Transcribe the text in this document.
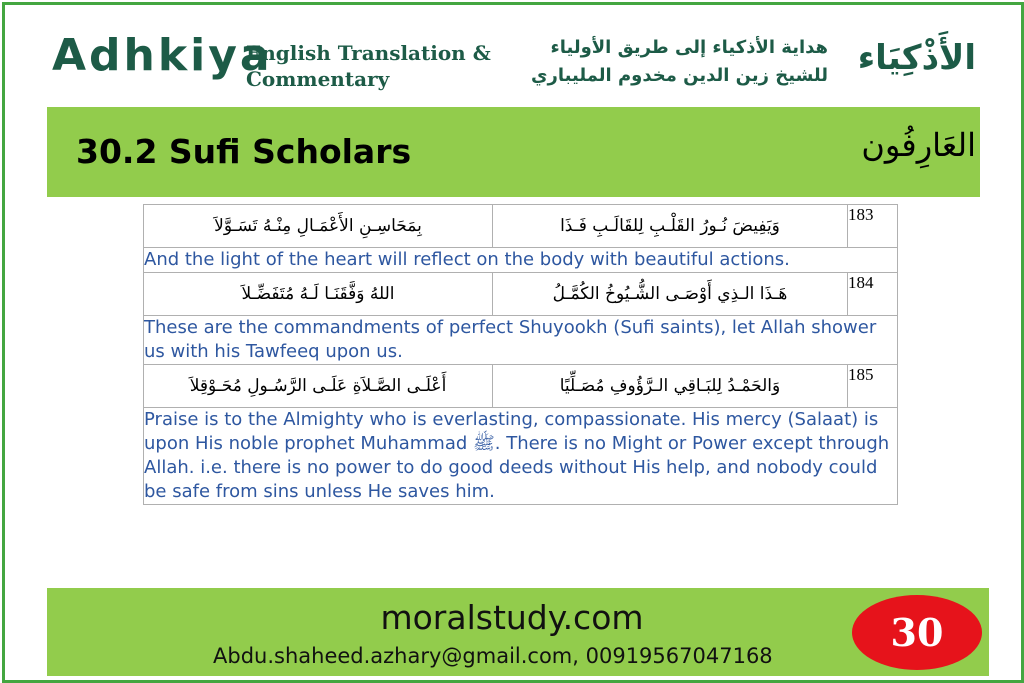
Adhkiya
English Translation &
Commentary
هداية الأذكياء إلى طريق الأولياء
للشيخ زين الدين مخدوم المليباري الأَذْكِيَاء
30.2 Sufi Scholars	العَارِفُون
بِمَحَاسِـنِ الأَعْمَـالِ مِنْـهُ تَسَـوَّلاَ	وَيَفِيضَ نُـورُ القَلْـبِ لِلقَالَـبِ فَـذَا	183
And the light of the heart will reflect on the body with beautiful actions.		
اللهُ وَفَّقَنَـا لَـهُ مُتَفَضِّـلاَ	هَـذَا الـذِي أَوْصَـى الشُّـيُوخُ الكُمَّـلُ	184
These are the commandments of perfect Shuyookh (Sufi saints), let Allah shower us with his Tawfeeq upon us.		
أَعْلَـى الصَّـلاَةِ عَلَـى الرَّسُـولِ مُحَـوْقِلاَ	وَالحَمْـدُ لِلبَـاقِي الـرَّؤُوفِ مُصَـلِّيًا	185
Praise is to the Almighty who is everlasting, compassionate. His mercy (Salaat) is upon His noble prophet Muhammad ﷺ. There is no Might or Power except through Allah. i.e. there is no power to do good deeds without His help, and nobody could be safe from sins unless He saves him.		
moralstudy.com
Abdu.shaheed.azhary@gmail.com, 00919567047168
30
